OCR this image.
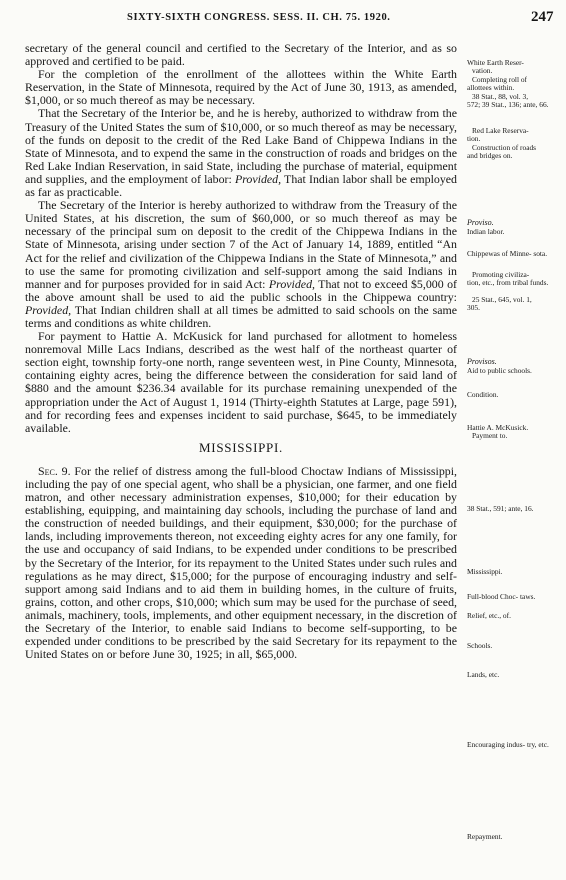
SIXTY-SIXTH CONGRESS. SESS. II. CH. 75. 1920.	247

secretary of the general council and certified to the Secretary of the Interior, and as so approved and certified to be paid.

For the completion of the enrollment of the allottees within the White Earth Reservation, in the State of Minnesota, required by the Act of June 30, 1913, as amended, $1,000, or so much thereof as may be necessary.

That the Secretary of the Interior be, and he is hereby, authorized to withdraw from the Treasury of the United States the sum of $10,000, or so much thereof as may be necessary, of the funds on deposit to the credit of the Red Lake Band of Chippewa Indians in the State of Minnesota, and to expend the same in the construction of roads and bridges on the Red Lake Indian Reservation, in said State, including the purchase of material, equipment and supplies, and the employment of labor: Provided, That Indian labor shall be employed as far as practicable.

The Secretary of the Interior is hereby authorized to withdraw from the Treasury of the United States, at his discretion, the sum of $60,000, or so much thereof as may be necessary of the principal sum on deposit to the credit of the Chippewa Indians in the State of Minnesota, arising under section 7 of the Act of January 14, 1889, entitled “An Act for the relief and civilization of the Chippewa Indians in the State of Minnesota,” and to use the same for promoting civilization and self-support among the said Indians in manner and for purposes provided for in said Act: Provided, That not to exceed $5,000 of the above amount shall be used to aid the public schools in the Chippewa country: Provided, That Indian children shall at all times be admitted to said schools on the same terms and conditions as white children.

For payment to Hattie A. McKusick for land purchased for allotment to homeless nonremoval Mille Lacs Indians, described as the west half of the northeast quarter of section eight, township forty-one north, range seventeen west, in Pine County, Minnesota, containing eighty acres, being the difference between the consideration for said land of $880 and the amount $236.34 available for its purchase remaining unexpended of the appropriation under the Act of August 1, 1914 (Thirty-eighth Statutes at Large, page 591), and for recording fees and expenses incident to said purchase, $645, to be immediately available.

MISSISSIPPI.

Sec. 9. For the relief of distress among the full-blood Choctaw Indians of Mississippi, including the pay of one special agent, who shall be a physician, one farmer, and one field matron, and other necessary administration expenses, $10,000; for their education by establishing, equipping, and maintaining day schools, including the purchase of land and the construction of needed buildings, and their equipment, $30,000; for the purchase of lands, including improvements thereon, not exceeding eighty acres for any one family, for the use and occupancy of said Indians, to be expended under conditions to be prescribed by the Secretary of the Interior, for its repayment to the United States under such rules and regulations as he may direct, $15,000; for the purpose of encouraging industry and self-support among said Indians and to aid them in building homes, in the culture of fruits, grains, cotton, and other crops, $10,000; which sum may be used for the purchase of seed, animals, machinery, tools, implements, and other equipment necessary, in the discretion of the Secretary of the Interior, to enable said Indians to become self-supporting, to be expended under conditions to be prescribed by the said Secretary for its repayment to the United States on or before June 30, 1925; in all, $65,000.

White Earth Reser-
vation.
Completing roll of
allottees within.
38 Stat., 88, vol. 3,
572; 39 Stat., 136; ante, 66.
Red Lake Reserva-
tion.
Construction of roads
and bridges on.
Proviso.
Indian labor.
Chippewas of Minne- sota.
Promoting civiliza-
tion, etc., from tribal funds.
25 Stat., 645, vol. 1,
305.
Provisos.
Aid to public schools.
Condition.
Hattie A. McKusick.
Payment to.
38 Stat., 591; ante, 16.
Mississippi.
Full-blood Choc- taws.
Relief, etc., of.
Schools.
Lands, etc.
Encouraging indus- try, etc.
Repayment.
